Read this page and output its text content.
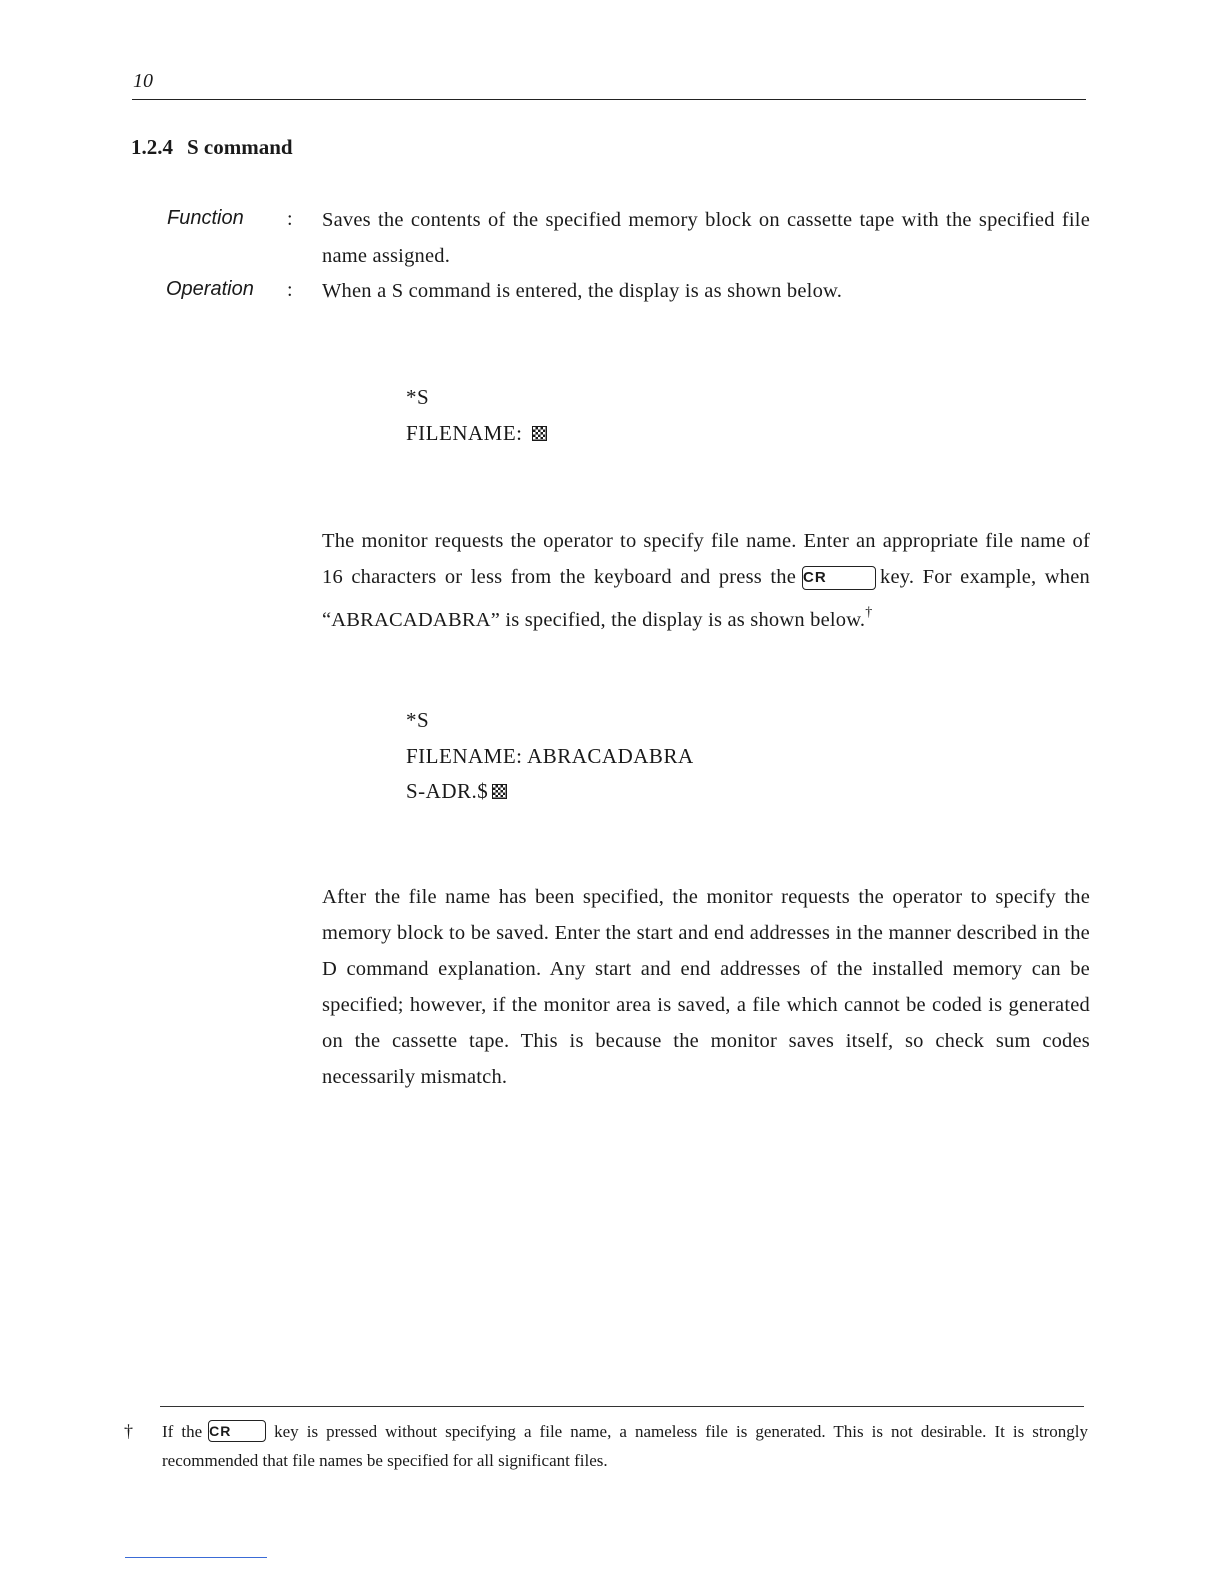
10
1.2.4 S command
Function : Saves the contents of the specified memory block on cassette tape with the specified file name assigned.
Operation : When a S command is entered, the display is as shown below.
*S
FILENAME:
The monitor requests the operator to specify file name. Enter an appropriate file name of 16 characters or less from the keyboard and press the CR	key. For example, when “ABRACADABRA” is specified, the display is as shown below.†
*S
FILENAME: ABRACADABRA
S-ADR.$
After the file name has been specified, the monitor requests the operator to specify the memory block to be saved. Enter the start and end addresses in the manner described in the D command explanation. Any start and end addresses of the installed memory can be specified; however, if the monitor area is saved, a file which cannot be coded is generated on the cassette tape. This is because the monitor saves itself, so check sum codes necessarily mismatch.
† If the CR	key is pressed without specifying a file name, a nameless file is generated. This is not desirable. It is strongly recommended that file names be specified for all significant files.
